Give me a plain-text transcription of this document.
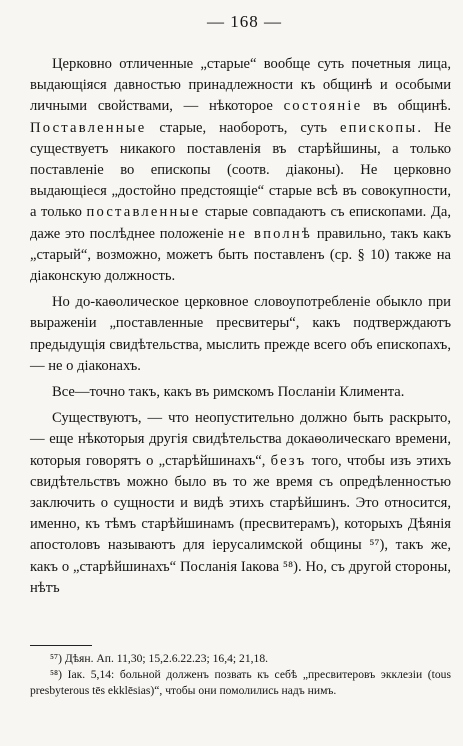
— 168 —

Церковно отличенные „старые“ вообще суть почетныя лица, выдающіяся давностью принадлежности къ общинѣ и особыми личными свойствами, — нѣкоторое состояніе въ общинѣ. Поставленные старые, наоборотъ, суть епископы. Не существуетъ никакого поставленія въ старѣйшины, а только поставленіе во епископы (соотв. діаконы). Не церковно выдающіеся „достойно предстоящіе“ старые всѣ въ совокупности, а только поставленные старые совпадаютъ съ епископами. Да, даже это послѣднее положеніе не вполнѣ правильно, такъ какъ „старый“, возможно, можетъ быть поставленъ (ср. § 10) также на діаконскую должность.

Но до-каѳолическое церковное словоупотребленіе обыкло при выраженіи „поставленные пресвитеры“, какъ подтверждаютъ предыдущія свидѣтельства, мыслить прежде всего объ епископахъ, — не о діаконахъ.

Все—точно такъ, какъ въ римскомъ Посланіи Климента.

Существуютъ, — что неопустительно должно быть раскрыто, — еще нѣкоторыя другія свидѣтельства докаѳолическаго времени, которыя говорятъ о „старѣйшинахъ“, безъ того, чтобы изъ этихъ свидѣтельствъ можно было въ то же время съ опредѣленностью заключить о сущности и видѣ этихъ старѣйшинъ. Это относится, именно, къ тѣмъ старѣйшинамъ (пресвитерамъ), которыхъ Дѣянія апостоловъ называютъ для іерусалимской общины ⁵⁷), такъ же, какъ о „старѣйшинахъ“ Посланія Іакова ⁵⁸). Но, съ другой стороны, нѣтъ

⁵⁷) Дѣян. Ап. 11,30; 15,2.6.22.23; 16,4; 21,18.

⁵⁸) Іак. 5,14: больной долженъ позвать къ себѣ „пресвитеровъ экклезіи (tous presbyterous tēs ekklēsias)“, чтобы они помолились надъ нимъ.
